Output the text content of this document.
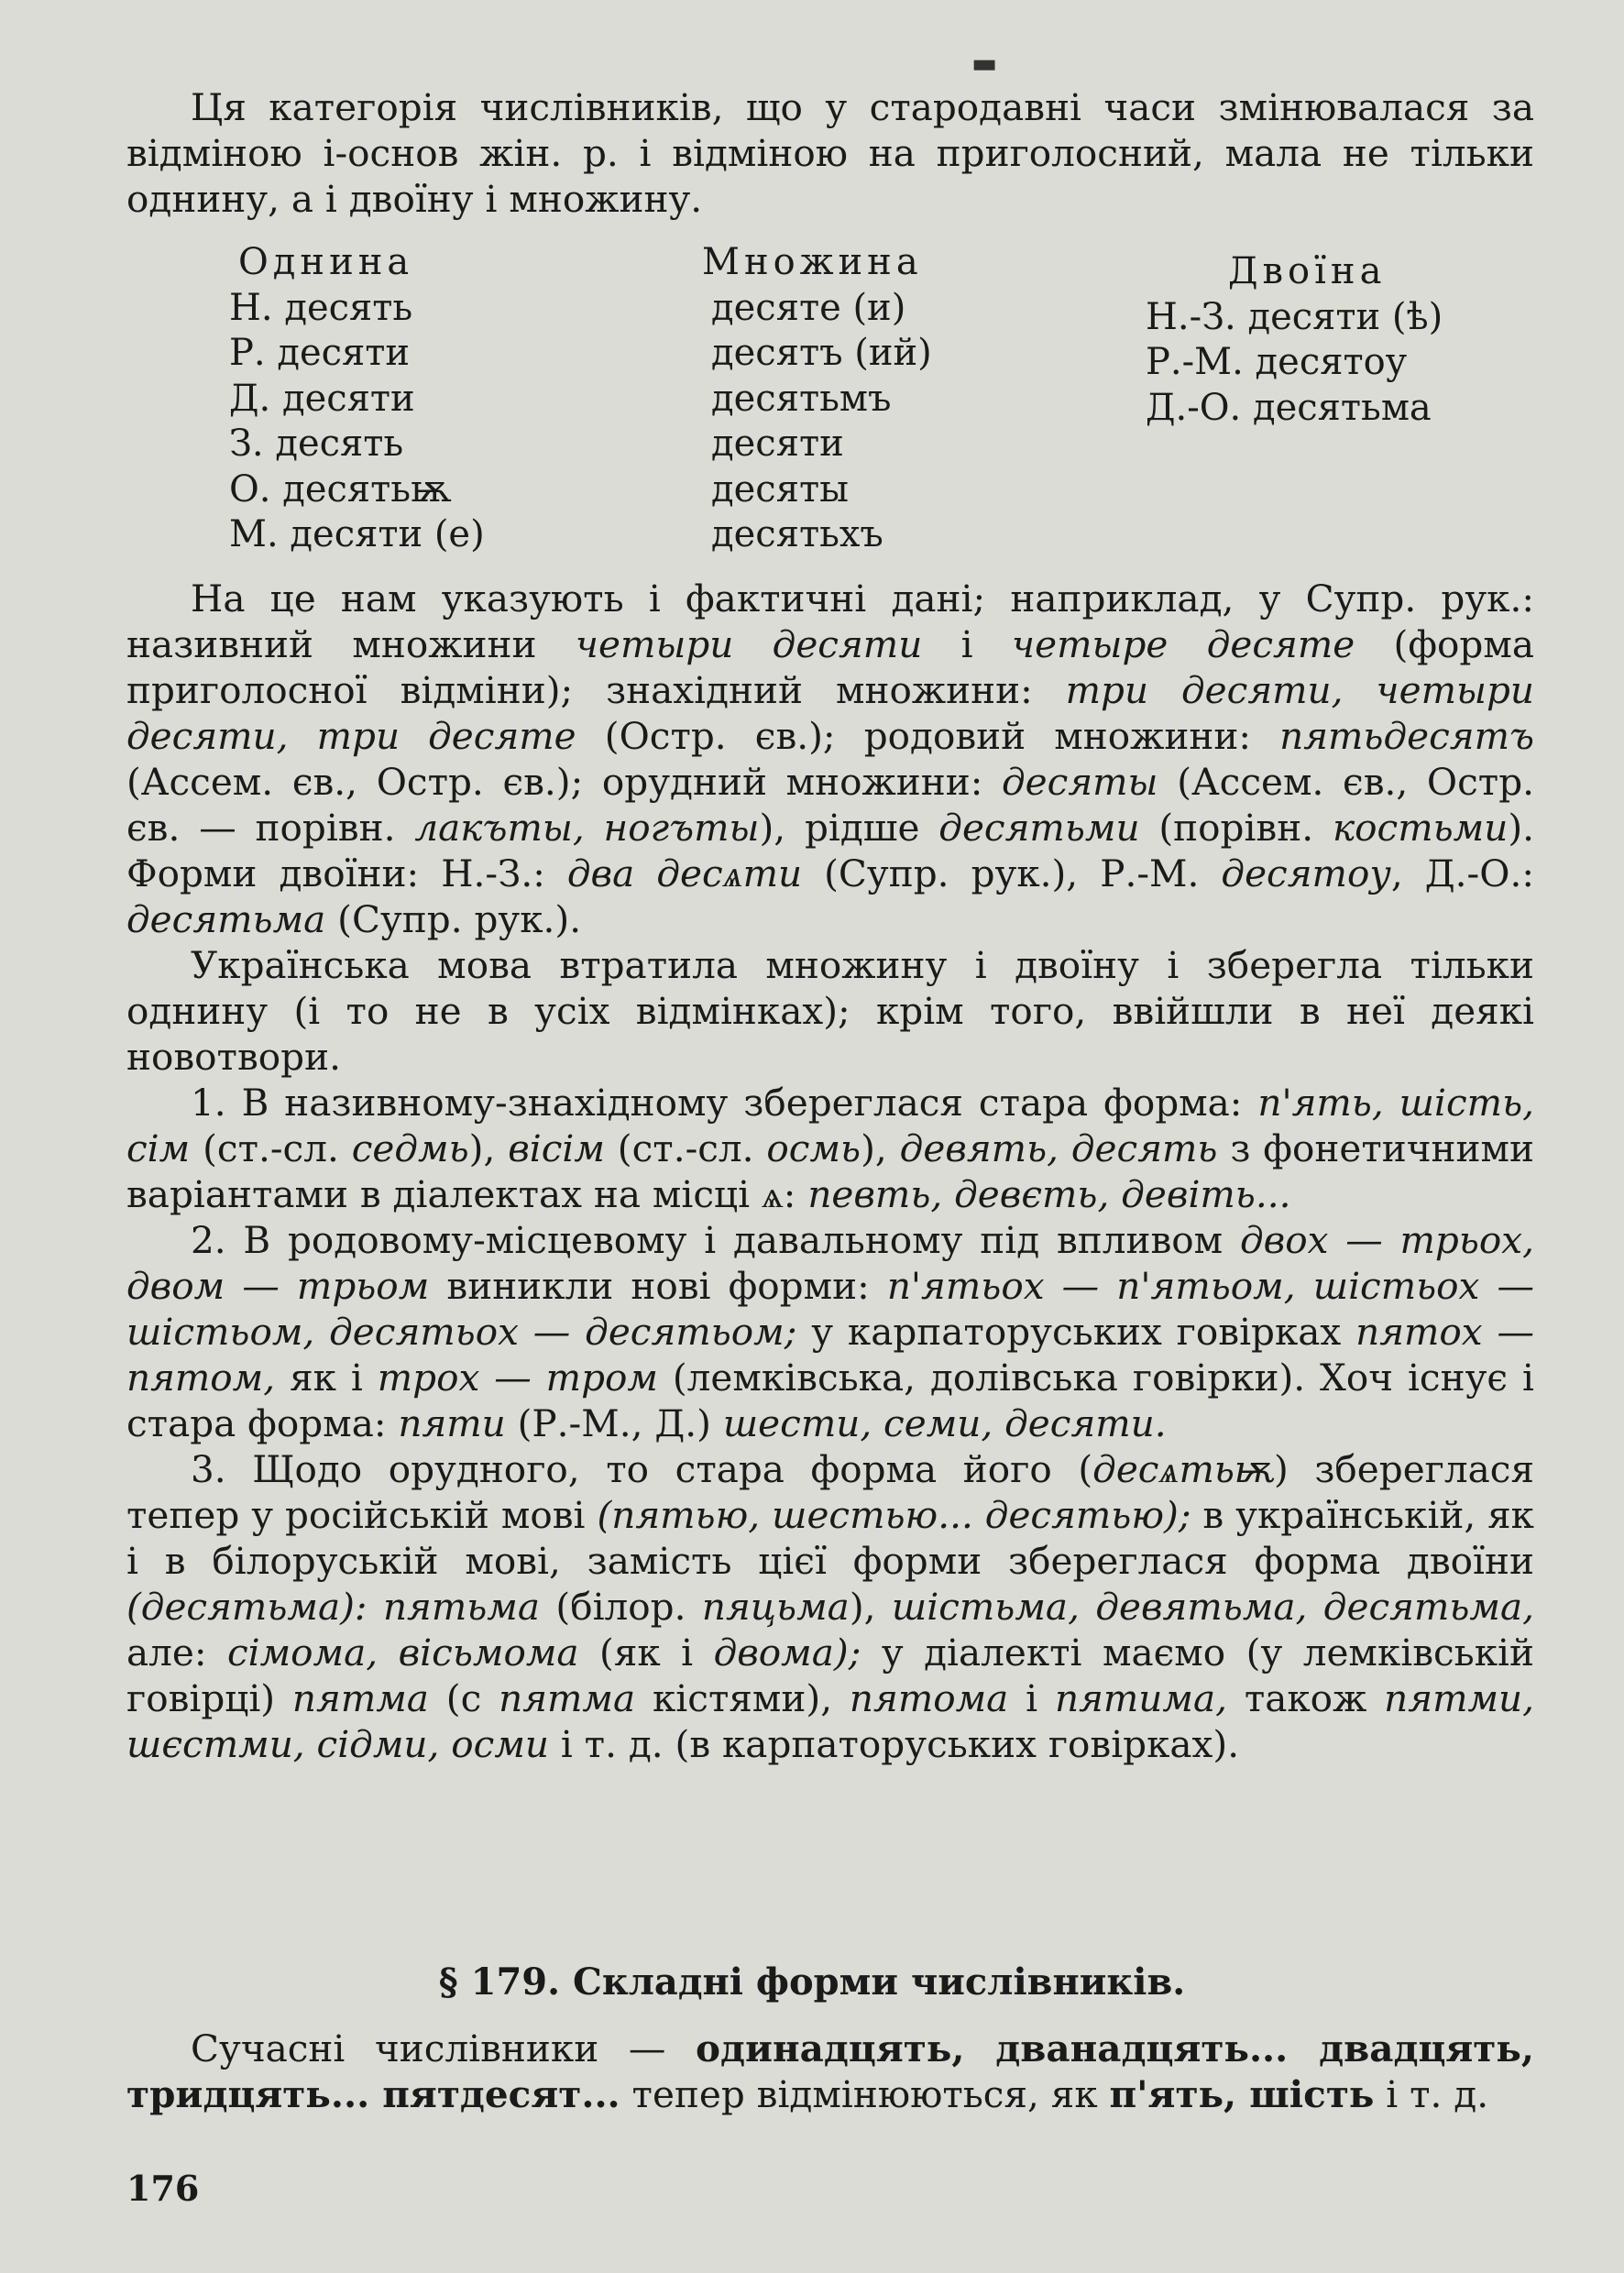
▬

Ця категорія числівників, що у стародавні часи змінювалася за відміною і-основ жін. р. і відміною на приголосний, мала не тільки однину, а і двоїну і множину.

Однина
Н. десять
Р. десяти
Д. десяти
З. десять
О. десятьѭ
М. десяти (е)
Множина
десяте (и)
десятъ (ий)
десятьмъ
десяти
десяты
десятьхъ
Двоїна
Н.-З. десяти (ѣ)
Р.-М. десятоу
Д.-О. десятьма

На це нам указують і фактичні дані; наприклад, у Супр. рук.: називний множини четыри десяти і четыре десяте (форма приголосної відміни); знахідний множини: три десяти, четыри десяти, три десяте (Остр. єв.); родовий множини: пятьдесятъ (Ассем. єв., Остр. єв.); орудний множини: десяты (Ассем. єв., Остр. єв. — порівн. лакъты, ногъты), рідше десятьми (порівн. костьми). Форми двоїни: Н.-З.: два десѧти (Супр. рук.), Р.-М. десятоу, Д.-О.: десятьма (Супр. рук.).

Українська мова втратила множину і двоїну і зберегла тільки однину (і то не в усіх відмінках); крім того, ввійшли в неї деякі новотвори.

1. В називному-знахідному збереглася стара форма: п'ять, шість, сім (ст.-сл. седмь), вісім (ст.-сл. осмь), девять, десять з фонетичними варіантами в діалектах на місці ѧ: певть, девєть, девіть...

2. В родовому-місцевому і давальному під впливом двох — трьох, двом — трьом виникли нові форми: п'ятьох — п'ятьом, шістьох — шістьом, десятьох — десятьом; у карпаторуських говірках пятох — пятом, як і трох — тром (лемківська, долівська говірки). Хоч існує і стара форма: пяти (Р.-М., Д.) шести, семи, десяти.

3. Щодо орудного, то стара форма його (десѧтьѭ) збереглася тепер у російській мові (пятью, шестью... десятью); в українській, як і в білоруській мові, замість цієї форми збереглася форма двоїни (десятьма): пятьма (білор. пяцьма), шістьма, девятьма, десятьма, але: сімома, вісьмома (як і двома); у діалекті маємо (у лемківській говірці) пятма (с пятма кістями), пятома і пятима, також пятми, шєстми, сідми, осми і т. д. (в карпаторуських говірках).

§ 179. Складні форми числівників.

Сучасні числівники — одинадцять, дванадцять... двадцять, тридцять... пятдесят... тепер відмінюються, як п'ять, шість і т. д.

176
